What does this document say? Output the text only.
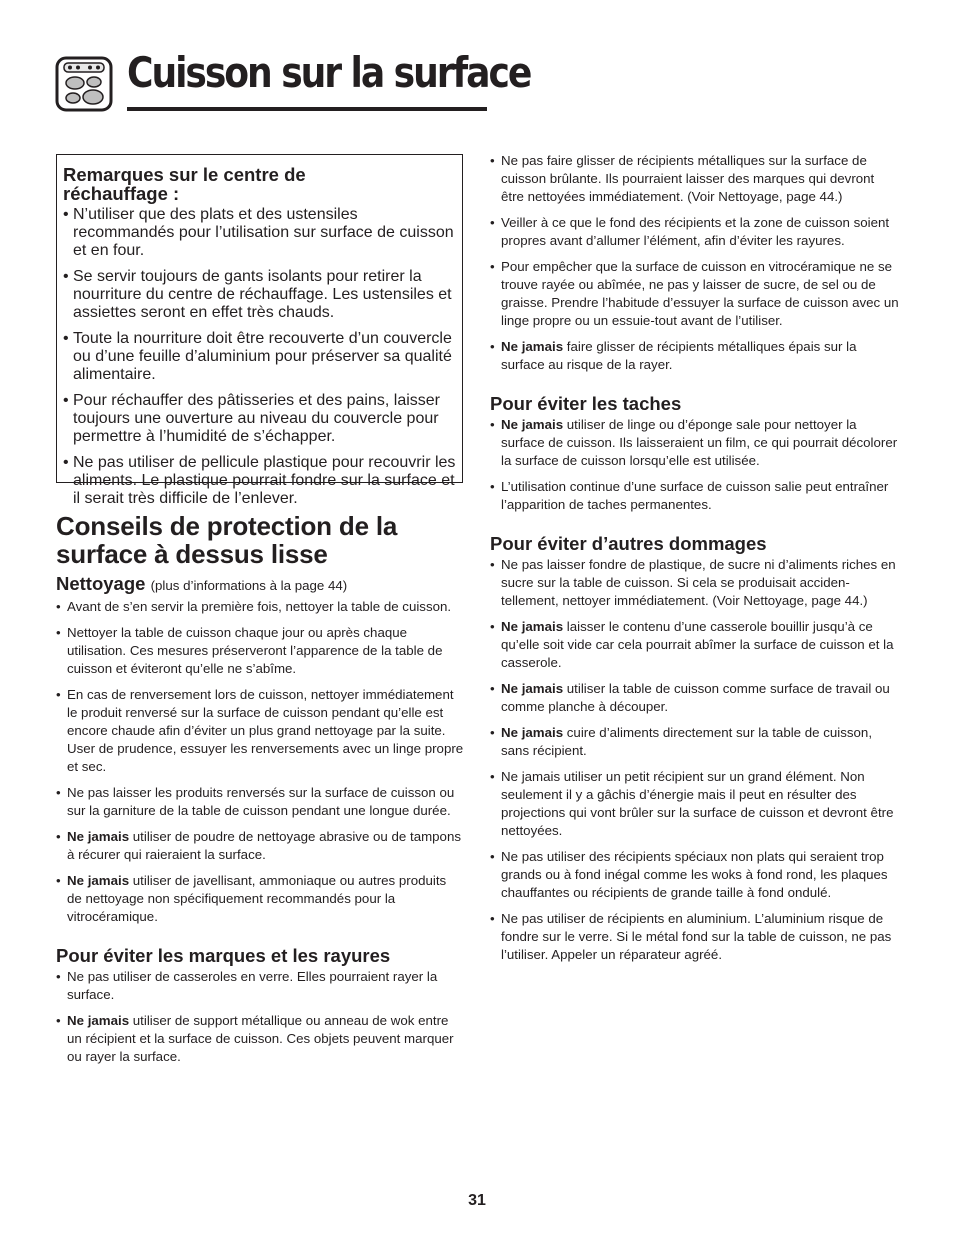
Cuisson sur la surface
Remarques sur le centre de réchauffage :
• N’utiliser que des plats et des ustensiles recommandés pour l’utilisation sur surface de cuisson et en four.
• Se servir toujours de gants isolants pour retirer la nourriture du centre de réchauffage. Les ustensiles et assiettes seront en effet très chauds.
• Toute la nourriture doit être recouverte d’un couvercle ou d’une feuille d’aluminium pour préserver sa qualité alimentaire.
• Pour réchauffer des pâtisseries et des pains, laisser toujours une ouverture au niveau du couvercle pour permettre à l’humidité de s’échapper.
• Ne pas utiliser de pellicule plastique pour recouvrir les aliments. Le plastique pourrait fondre sur la surface et il serait très difficile de l’enlever.
Conseils de protection de la surface à dessus lisse
Nettoyage (plus d’informations à la page 44)
• Avant de s’en servir la première fois, nettoyer la table de cuisson.
• Nettoyer la table de cuisson chaque jour ou après chaque utilisation. Ces mesures préserveront l’apparence de la table de cuisson et éviteront qu’elle ne s’abîme.
• En cas de renversement lors de cuisson, nettoyer immédiatement le produit renversé sur la surface de cuisson pendant qu’elle est encore chaude afin d’éviter un plus grand nettoyage par la suite. User de prudence, essuyer les renversements avec un linge propre et sec.
• Ne pas laisser les produits renversés sur la surface de cuisson ou sur la garniture de la table de cuisson pendant une longue durée.
• Ne jamais utiliser de poudre de nettoyage abrasive ou de tampons à récurer qui raieraient la surface.
• Ne jamais utiliser de javellisant, ammoniaque ou autres produits de nettoyage non spécifiquement recommandés pour la vitrocéramique.
Pour éviter les marques et les rayures
• Ne pas utiliser de casseroles en verre. Elles pourraient rayer la surface.
• Ne jamais utiliser de support métallique ou anneau de wok entre un récipient et la surface de cuisson. Ces objets peuvent marquer ou rayer la surface.
• Ne pas faire glisser de récipients métalliques sur la surface de cuisson brûlante. Ils pourraient laisser des marques qui devront être nettoyées immédiatement. (Voir Nettoyage, page 44.)
• Veiller à ce que le fond des récipients et la zone de cuisson soient propres avant d’allumer l’élément, afin d’éviter les rayures.
• Pour empêcher que la surface de cuisson en vitrocéramique ne se trouve rayée ou abîmée, ne pas y laisser de sucre, de sel ou de graisse. Prendre l’habitude d’essuyer la surface de cuisson avec un linge propre ou un essuie-tout avant de l’utiliser.
• Ne jamais faire glisser de récipients métalliques épais sur la surface au risque de la rayer.
Pour éviter les taches
• Ne jamais utiliser de linge ou d’éponge sale pour nettoyer la surface de cuisson. Ils laisseraient un film, ce qui pourrait décolorer la surface de cuisson lorsqu’elle est utilisée.
• L’utilisation continue d’une surface de cuisson salie peut entraîner l’apparition de taches permanentes.
Pour éviter d’autres dommages
• Ne pas laisser fondre de plastique, de sucre ni d’aliments riches en sucre sur la table de cuisson. Si cela se produisait acciden-tellement, nettoyer immédiatement. (Voir Nettoyage, page 44.)
• Ne jamais laisser le contenu d’une casserole bouillir jusqu’à ce qu’elle soit vide car cela pourrait abîmer la surface de cuisson et la casserole.
• Ne jamais utiliser la table de cuisson comme surface de travail ou comme planche à découper.
• Ne jamais cuire d’aliments directement sur la table de cuisson, sans récipient.
• Ne jamais utiliser un petit récipient sur un grand élément. Non seulement il y a gâchis d’énergie mais il peut en résulter des projections qui vont brûler sur la surface de cuisson et devront être nettoyées.
• Ne pas utiliser des récipients spéciaux non plats qui seraient trop grands ou à fond inégal comme les woks à fond rond, les plaques chauffantes ou récipients de grande taille à fond ondulé.
• Ne pas utiliser de récipients en aluminium. L’aluminium risque de fondre sur le verre. Si le métal fond sur la table de cuisson, ne pas l’utiliser. Appeler un réparateur agréé.
31
